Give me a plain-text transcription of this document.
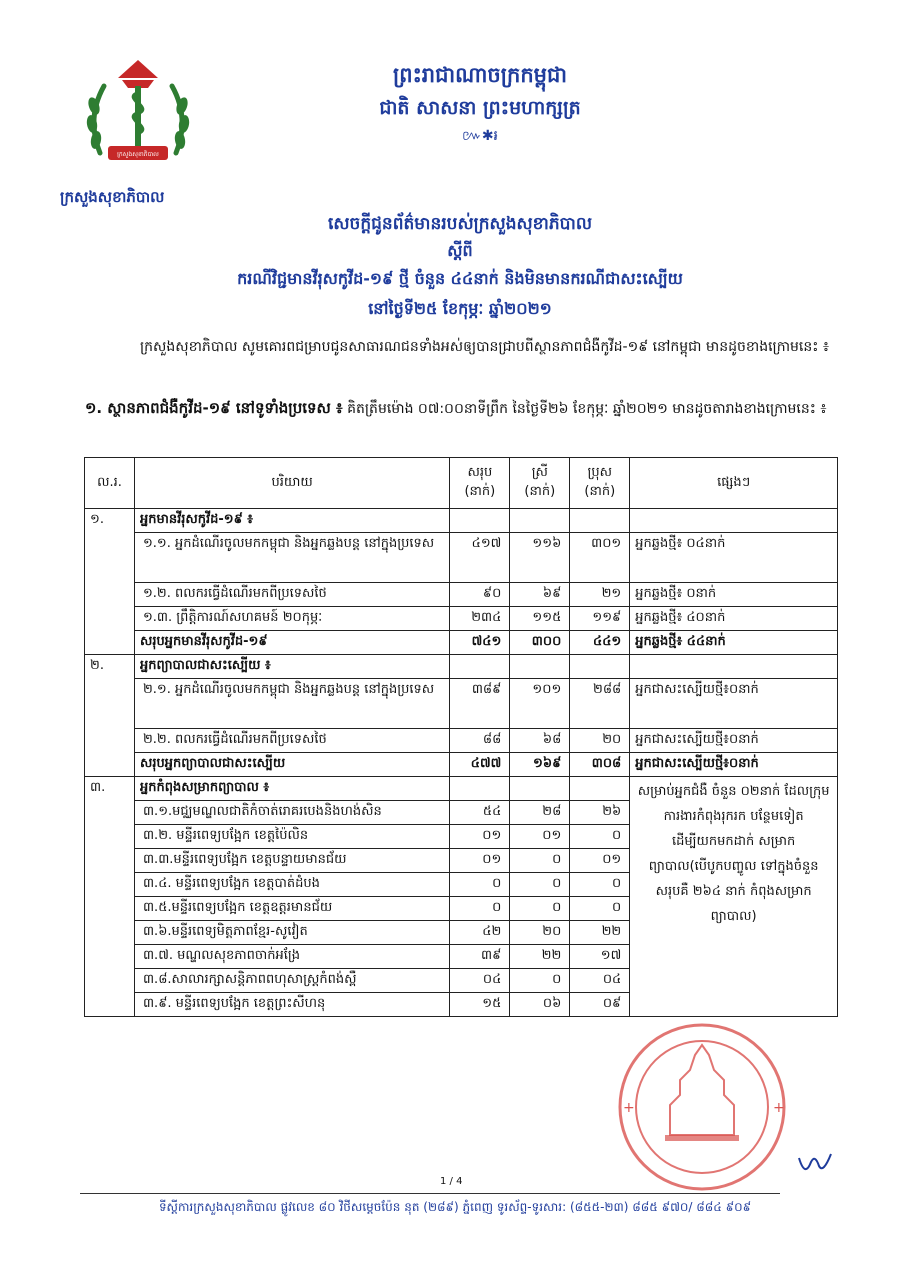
ក្រសួងសុខាភិបាល
ក្រសួងសុខាភិបាល
ព្រះរាជាណាចក្រកម្ពុជា
ជាតិ សាសនា ព្រះមហាក្សត្រ
៚✱៛
សេចក្តីជូនព័ត៌មានរបស់ក្រសួងសុខាភិបាល
ស្តីពី
ករណីវិជ្ជមានវីរុសកូវីដ-១៩ ថ្មី ចំនួន ៤៤នាក់ និងមិនមានករណីជាសះស្បើយ
នៅថ្ងៃទី២៥ ខែកុម្ភៈ ឆ្នាំ២០២១
ក្រសួងសុខាភិបាល សូមគោរពជម្រាបជូនសាធារណជនទាំងអស់ឲ្យបានជ្រាបពីស្ថានភាពជំងឺកូវីដ-១៩ នៅកម្ពុជា មានដូចខាងក្រោមនេះ ៖
១. ស្ថានភាពជំងឺកូវីដ-១៩ នៅទូទាំងប្រទេស ៖ គិតត្រឹមម៉ោង ០៧:០០នាទីព្រឹក នៃថ្ងៃទី២៦ ខែកុម្ភៈ ឆ្នាំ២០២១ មានដូចតារាងខាងក្រោមនេះ ៖
ល.រ.	បរិយាយ	សរុប (នាក់)	ស្រី (នាក់)	ប្រុស (នាក់)	ផ្សេងៗ
១.	អ្នកមានវីរុសកូវីដ-១៩ ៖				
	១.១. អ្នកដំណើរចូលមកកម្ពុជា និងអ្នកឆ្លងបន្ត នៅក្នុងប្រទេស	៤១៧	១១៦	៣០១	អ្នកឆ្លងថ្មី៖ ០៤នាក់
	១.២. ពលករធ្វើដំណើរមកពីប្រទេសថៃ	៩០	៦៩	២១	អ្នកឆ្លងថ្មី៖ ០នាក់
	១.៣. ព្រឹត្តិការណ៍សហគមន៍ ២០កុម្ភៈ	២៣៤	១១៥	១១៩	អ្នកឆ្លងថ្មី៖ ៤០នាក់
	សរុបអ្នកមានវីរុសកូវីដ-១៩	៧៤១	៣០០	៤៤១	អ្នកឆ្លងថ្មី៖ ៤៤នាក់
២.	អ្នកព្យាបាលជាសះស្បើយ ៖				
	២.១. អ្នកដំណើរចូលមកកម្ពុជា និងអ្នកឆ្លងបន្ត នៅក្នុងប្រទេស	៣៨៩	១០១	២៨៨	អ្នកជាសះស្បើយថ្មី៖០នាក់
	២.២. ពលករធ្វើដំណើរមកពីប្រទេសថៃ	៨៨	៦៨	២០	អ្នកជាសះស្បើយថ្មី៖០នាក់
	សរុបអ្នកព្យាបាលជាសះស្បើយ	៤៧៧	១៦៩	៣០៨	អ្នកជាសះស្បើយថ្មី៖០នាក់
៣.	អ្នកកំពុងសម្រាកព្យាបាល ៖				សម្រាប់អ្នកជំងឺ ចំនួន ០២នាក់ ដែលក្រុមការងារកំពុងរុករក បន្ថែមទៀត ដើម្បីយកមកដាក់ សម្រាកព្យាបាល(បើបូកបញ្ចូល ទៅក្នុងចំនួនសរុបគឺ ២៦៤ នាក់ កំពុងសម្រាកព្យាបាល)
	៣.១.មជ្ឈមណ្ឌលជាតិកំចាត់រោគរបេងនិងហង់សិន	៥៤	២៨	២៦	
	៣.២. មន្ទីរពេទ្យបង្អែក ខេត្តប៉ៃលិន	០១	០១	០	
	៣.៣.មន្ទីរពេទ្យបង្អែក ខេត្តបន្ទាយមានជ័យ	០១	០	០១	
	៣.៤. មន្ទីរពេទ្យបង្អែក ខេត្តបាត់ដំបង	០	០	០	
	៣.៥.មន្ទីរពេទ្យបង្អែក ខេត្តឧត្តរមានជ័យ	០	០	០	
	៣.៦.មន្ទីរពេទ្យមិត្តភាពខ្មែរ-សូវៀត	៤២	២០	២២	
	៣.៧. មណ្ឌលសុខភាពចាក់អង្រែ	៣៩	២២	១៧	
	៣.៨.សាលារក្សាសន្តិភាពពហុសាស្រ្តកំពង់ស្ពឺ	០៤	០	០៤	
	៣.៩. មន្ទីរពេទ្យបង្អែក ខេត្តព្រះសីហនុ	១៥	០៦	០៩	
+	+
1 / 4
ទីស្តីការក្រសួងសុខាភិបាល ផ្លូវលេខ ៨០ វិថីសម្តេចប៉ែន នុត (២៨៩) ភ្នំពេញ ទូរស័ព្ទ-ទូរសារ: (៨៥៥-២៣) ៨៨៥ ៩៧០/ ៨៨៤ ៩០៩
